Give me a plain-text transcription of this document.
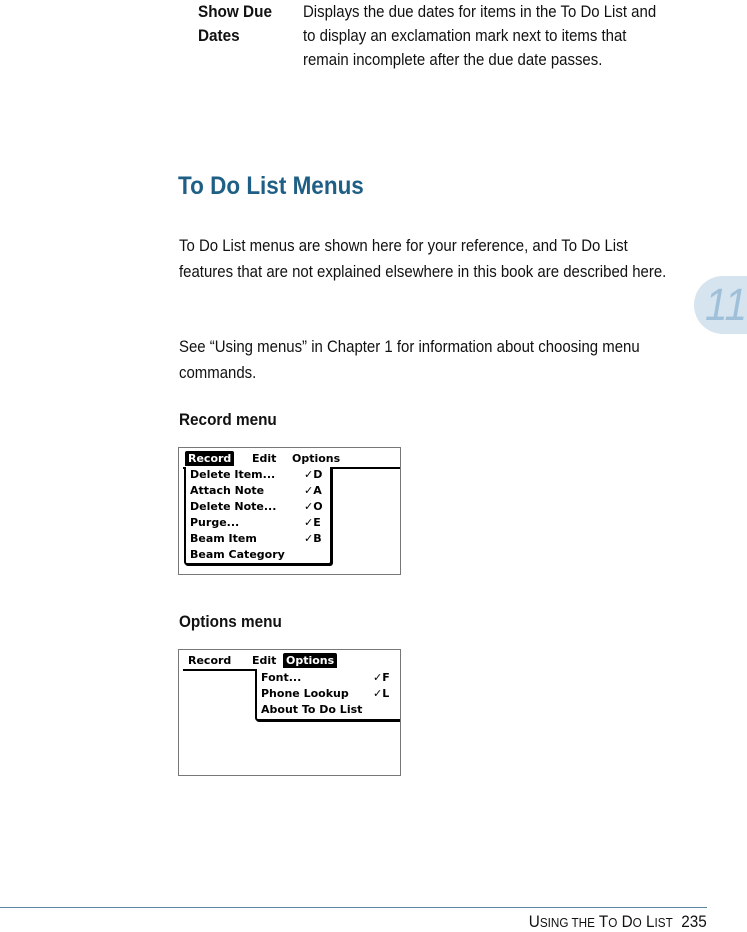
Show Due Dates
Displays the due dates for items in the To Do List and to display an exclamation mark next to items that remain incomplete after the due date passes.
To Do List Menus
To Do List menus are shown here for your reference, and To Do List features that are not explained elsewhere in this book are described here.
See “Using menus” in Chapter 1 for information about choosing menu commands.
11
Record menu
Record Edit Options
Delete Item...	✓D
Attach Note	✓A
Delete Note...	✓O
Purge...	✓E
Beam Item	✓B
Beam Category
Options menu
Record Edit Options
Font...	✓F
Phone Lookup ✓L
About To Do List
USING THE TO DO LIST 235
